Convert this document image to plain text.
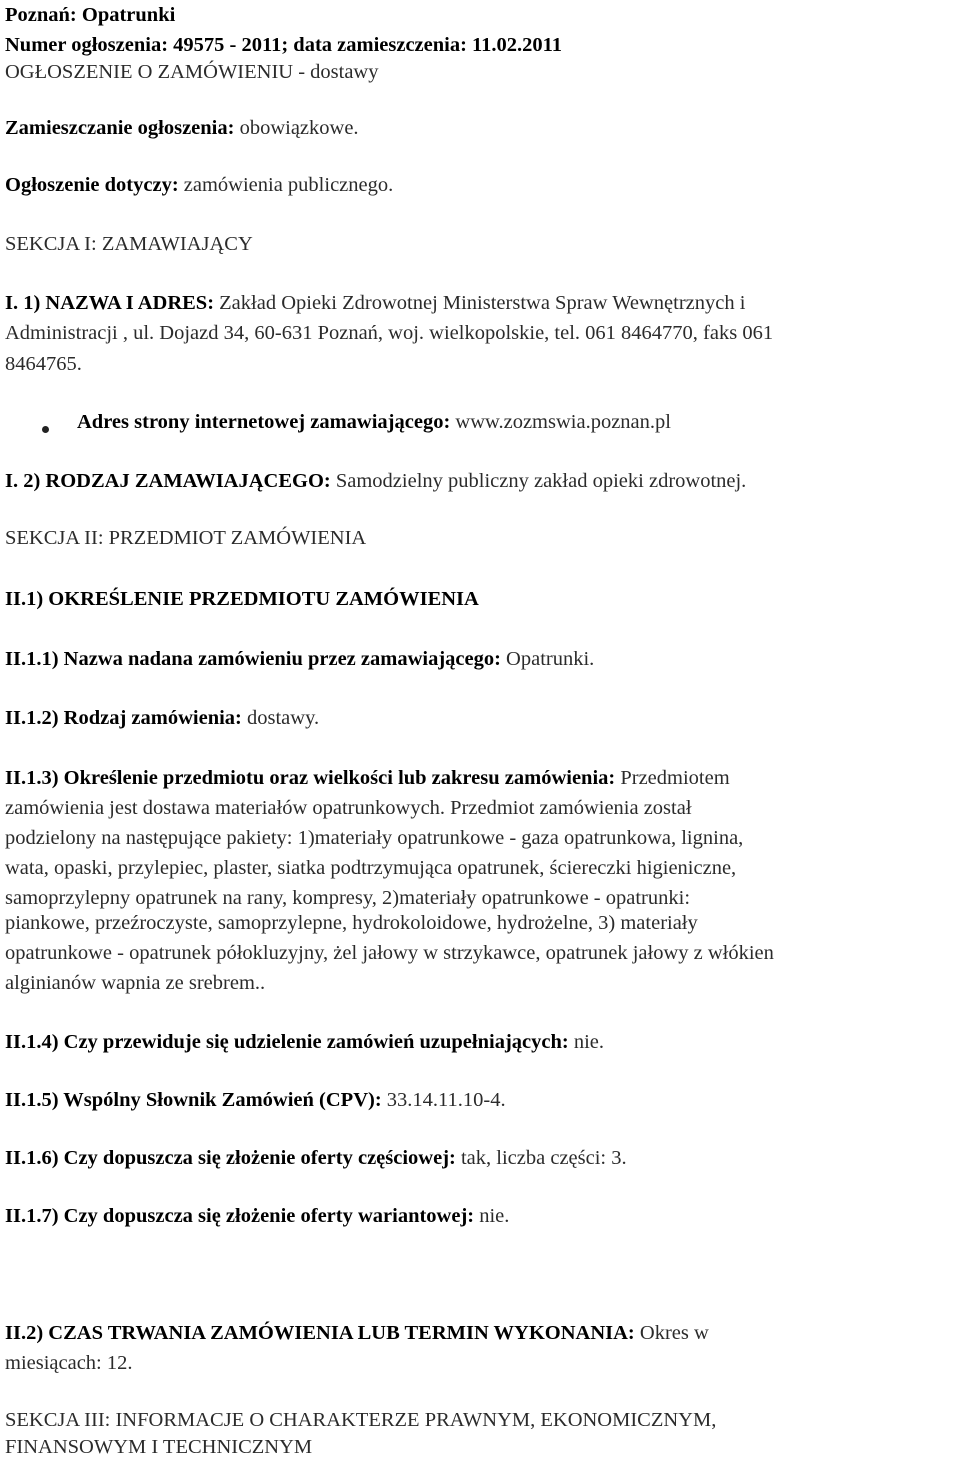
Poznań: Opatrunki
Numer ogłoszenia: 49575 - 2011; data zamieszczenia: 11.02.2011
OGŁOSZENIE O ZAMÓWIENIU - dostawy
Zamieszczanie ogłoszenia: obowiązkowe.
Ogłoszenie dotyczy: zamówienia publicznego.
SEKCJA I: ZAMAWIAJĄCY
I. 1) NAZWA I ADRES: Zakład Opieki Zdrowotnej Ministerstwa Spraw Wewnętrznych i
Administracji , ul. Dojazd 34, 60-631 Poznań, woj. wielkopolskie, tel. 061 8464770, faks 061
8464765.
Adres strony internetowej zamawiającego: www.zozmswia.poznan.pl
I. 2) RODZAJ ZAMAWIAJĄCEGO: Samodzielny publiczny zakład opieki zdrowotnej.
SEKCJA II: PRZEDMIOT ZAMÓWIENIA
II.1) OKREŚLENIE PRZEDMIOTU ZAMÓWIENIA
II.1.1) Nazwa nadana zamówieniu przez zamawiającego: Opatrunki.
II.1.2) Rodzaj zamówienia: dostawy.
II.1.3) Określenie przedmiotu oraz wielkości lub zakresu zamówienia: Przedmiotem
zamówienia jest dostawa materiałów opatrunkowych. Przedmiot zamówienia został
podzielony na następujące pakiety: 1)materiały opatrunkowe - gaza opatrunkowa, lignina,
wata, opaski, przylepiec, plaster, siatka podtrzymująca opatrunek, ściereczki higieniczne,
samoprzylepny opatrunek na rany, kompresy, 2)materiały opatrunkowe - opatrunki:
piankowe, przeźroczyste, samoprzylepne, hydrokoloidowe, hydrożelne, 3) materiały
opatrunkowe - opatrunek półokluzyjny, żel jałowy w strzykawce, opatrunek jałowy z włókien
alginianów wapnia ze srebrem..
II.1.4) Czy przewiduje się udzielenie zamówień uzupełniających: nie.
II.1.5) Wspólny Słownik Zamówień (CPV): 33.14.11.10-4.
II.1.6) Czy dopuszcza się złożenie oferty częściowej: tak, liczba części: 3.
II.1.7) Czy dopuszcza się złożenie oferty wariantowej: nie.
II.2) CZAS TRWANIA ZAMÓWIENIA LUB TERMIN WYKONANIA: Okres w
miesiącach: 12.
SEKCJA III: INFORMACJE O CHARAKTERZE PRAWNYM, EKONOMICZNYM,
FINANSOWYM I TECHNICZNYM
